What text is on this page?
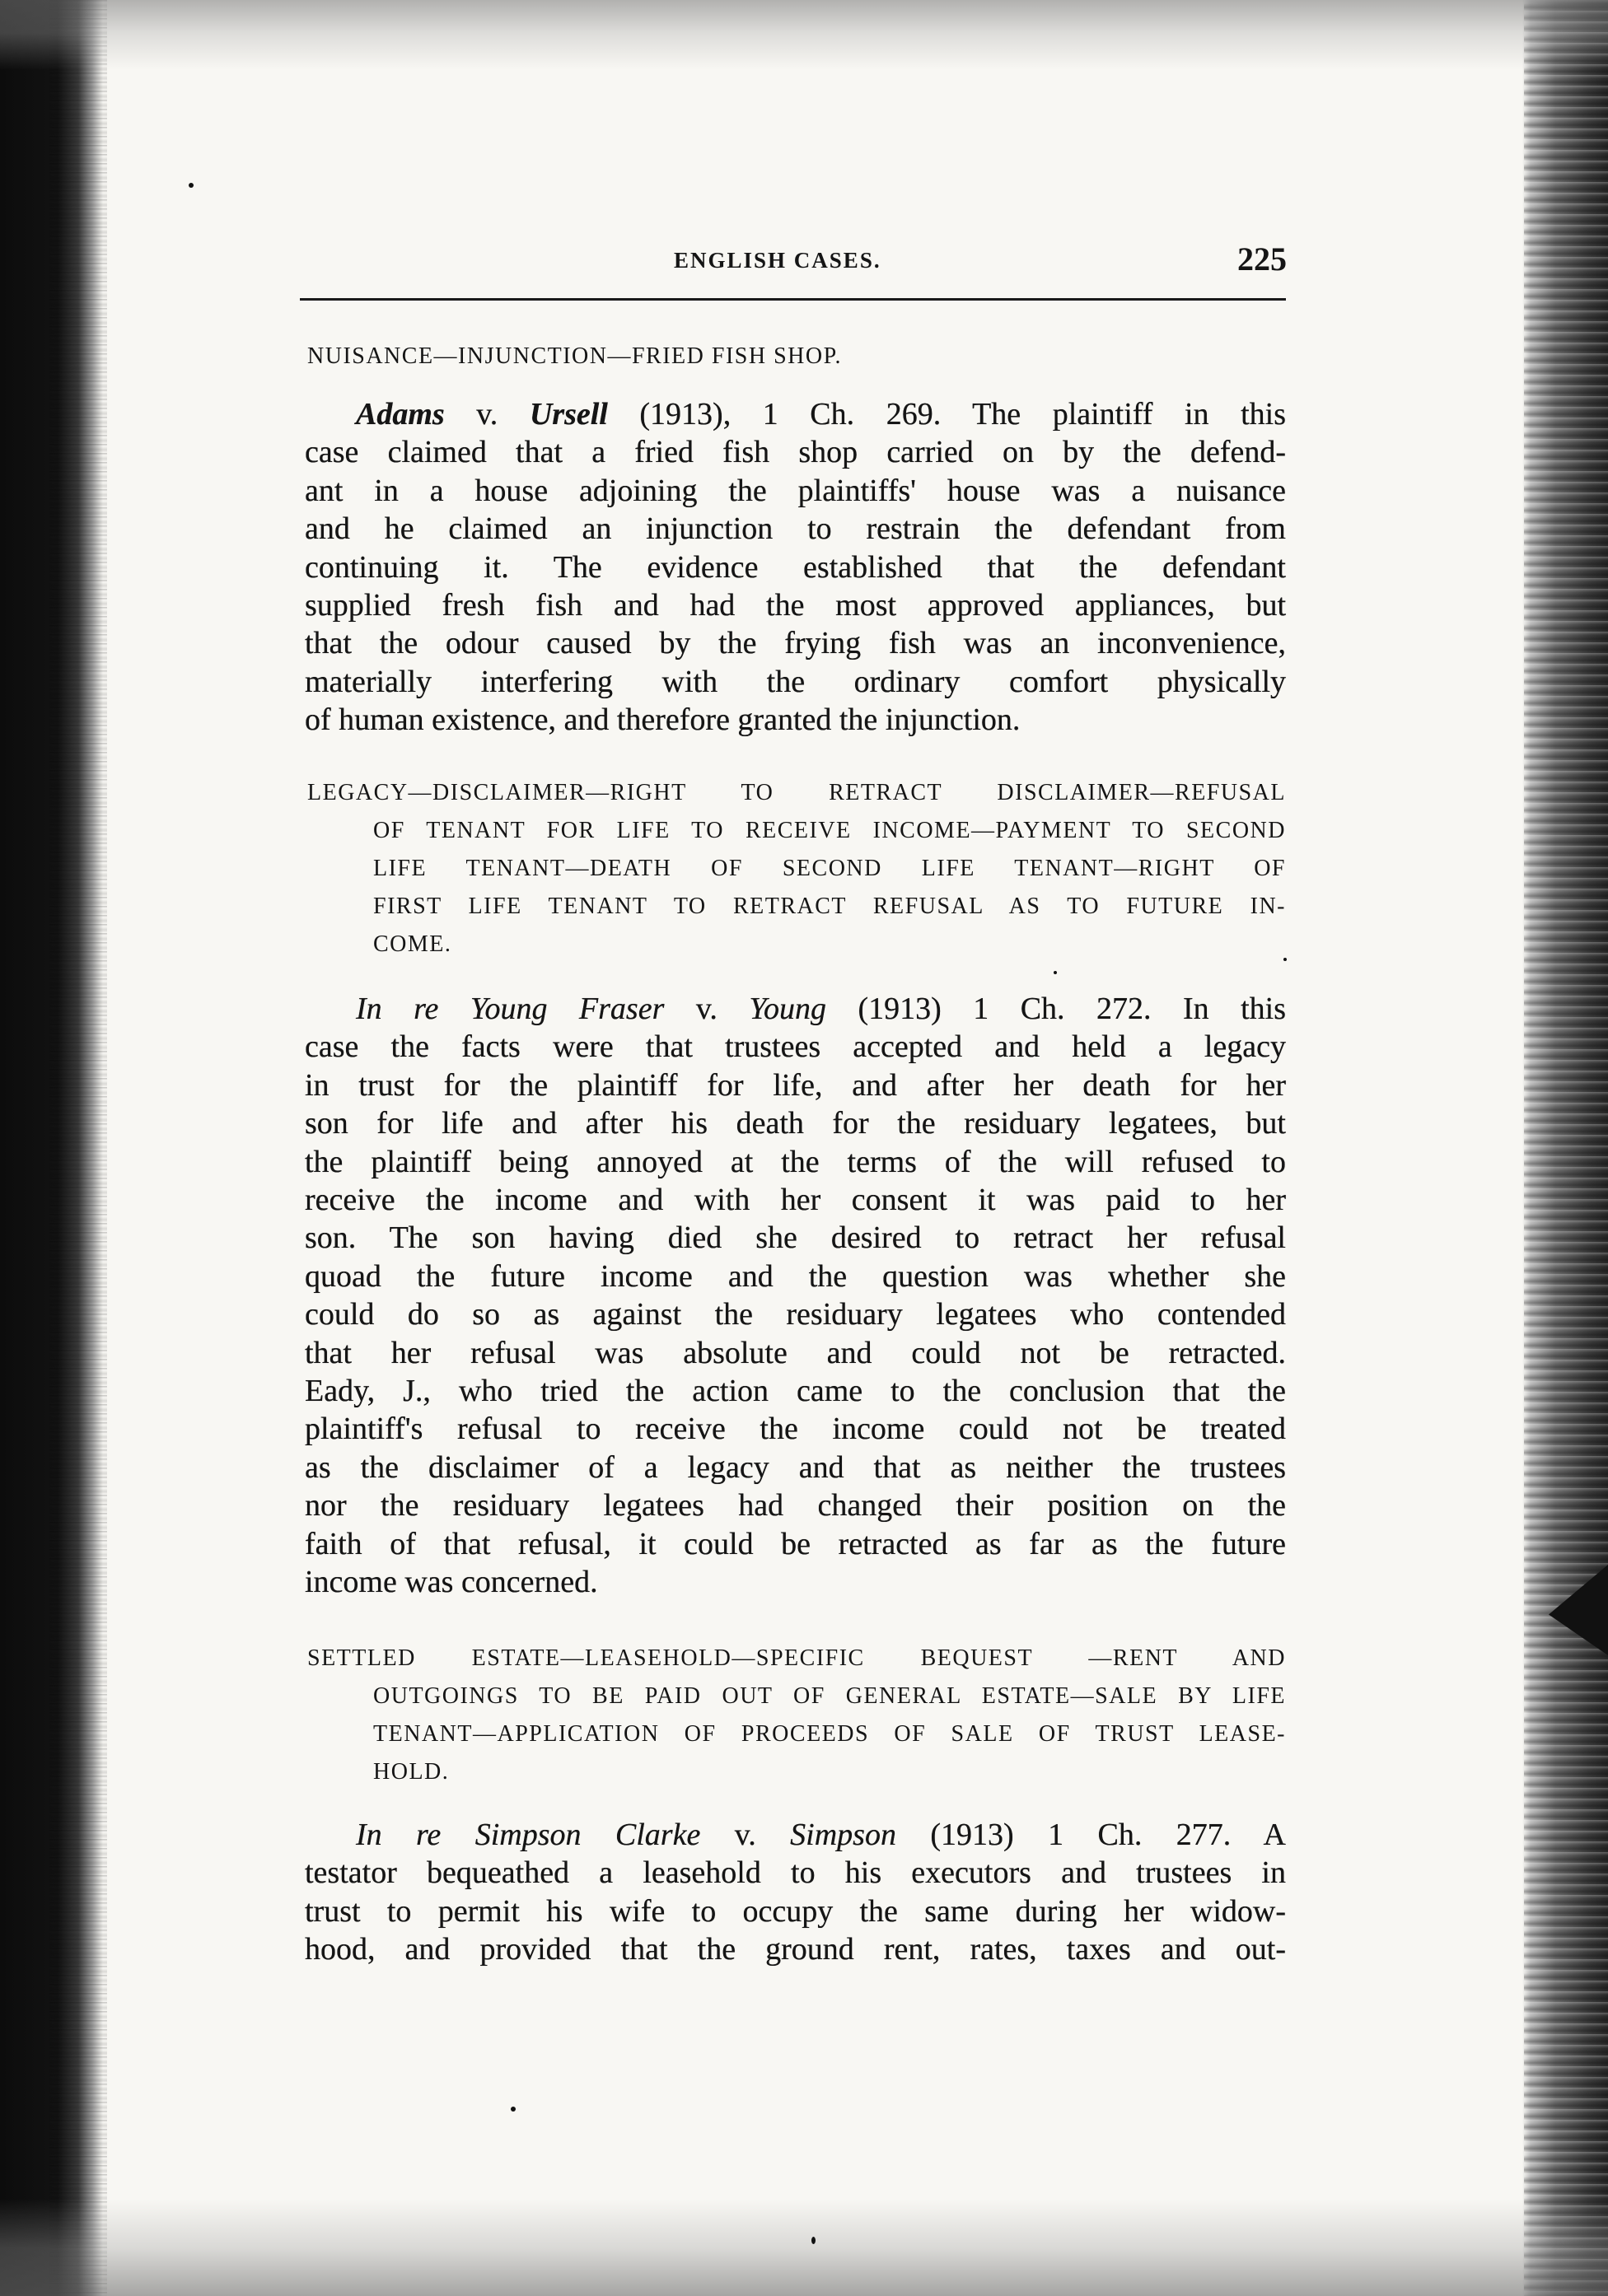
ENGLISH CASES.	225
NUISANCE—INJUNCTION—FRIED FISH SHOP.
Adams v. Ursell (1913), 1 Ch. 269. The plaintiff in this
case claimed that a fried fish shop carried on by the defend-
ant in a house adjoining the plaintiffs' house was a nuisance
and he claimed an injunction to restrain the defendant from
continuing it. The evidence established that the defendant
supplied fresh fish and had the most approved appliances, but
that the odour caused by the frying fish was an inconvenience,
materially interfering with the ordinary comfort physically
of human existence, and therefore granted the injunction.
LEGACY—DISCLAIMER—RIGHT TO RETRACT DISCLAIMER—REFUSAL
OF TENANT FOR LIFE TO RECEIVE INCOME—PAYMENT TO SECOND
LIFE TENANT—DEATH OF SECOND LIFE TENANT—RIGHT OF
FIRST LIFE TENANT TO RETRACT REFUSAL AS TO FUTURE IN-
COME.
In re Young Fraser v. Young (1913) 1 Ch. 272. In this
case the facts were that trustees accepted and held a legacy
in trust for the plaintiff for life, and after her death for her
son for life and after his death for the residuary legatees, but
the plaintiff being annoyed at the terms of the will refused to
receive the income and with her consent it was paid to her
son. The son having died she desired to retract her refusal
quoad the future income and the question was whether she
could do so as against the residuary legatees who contended
that her refusal was absolute and could not be retracted.
Eady, J., who tried the action came to the conclusion that the
plaintiff's refusal to receive the income could not be treated
as the disclaimer of a legacy and that as neither the trustees
nor the residuary legatees had changed their position on the
faith of that refusal, it could be retracted as far as the future
income was concerned.
SETTLED ESTATE—LEASEHOLD—SPECIFIC BEQUEST —RENT AND
OUTGOINGS TO BE PAID OUT OF GENERAL ESTATE—SALE BY LIFE
TENANT—APPLICATION OF PROCEEDS OF SALE OF TRUST LEASE-
HOLD.
In re Simpson Clarke v. Simpson (1913) 1 Ch. 277. A
testator bequeathed a leasehold to his executors and trustees in
trust to permit his wife to occupy the same during her widow-
hood, and provided that the ground rent, rates, taxes and out-
